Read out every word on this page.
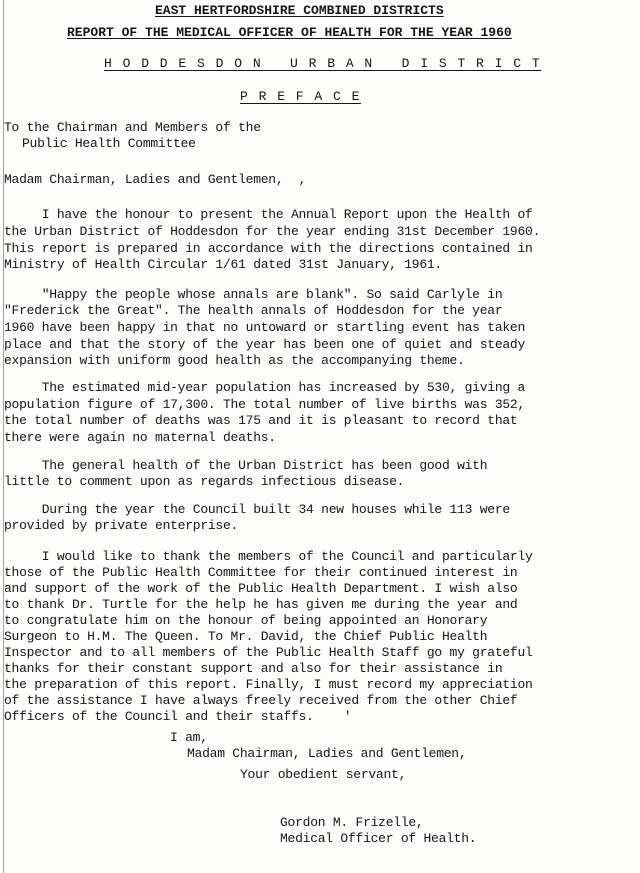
EAST HERTFORDSHIRE COMBINED DISTRICTS
REPORT OF THE MEDICAL OFFICER OF HEALTH FOR THE YEAR 1960
H O D D E S D O N   U R B A N   D I S T R I C T
P R E F A C E
To the Chairman and Members of the
Public Health Committee
Madam Chairman, Ladies and Gentlemen,  ,
I have the honour to present the Annual Report upon the Health of
the Urban District of Hoddesdon for the year ending 31st December 1960.
This report is prepared in accordance with the directions contained in
Ministry of Health Circular 1/61 dated 31st January, 1961.
"Happy the people whose annals are blank". So said Carlyle in
"Frederick the Great". The health annals of Hoddesdon for the year
1960 have been happy in that no untoward or startling event has taken
place and that the story of the year has been one of quiet and steady
expansion with uniform good health as the accompanying theme.
The estimated mid-year population has increased by 530, giving a
population figure of 17,300. The total number of live births was 352,
the total number of deaths was 175 and it is pleasant to record that
there were again no maternal deaths.
The general health of the Urban District has been good with
little to comment upon as regards infectious disease.
During the year the Council built 34 new houses while 113 were
provided by private enterprise.
I would like to thank the members of the Council and particularly
those of the Public Health Committee for their continued interest in
and support of the work of the Public Health Department. I wish also
to thank Dr. Turtle for the help he has given me during the year and
to congratulate him on the honour of being appointed an Honorary
Surgeon to H.M. The Queen. To Mr. David, the Chief Public Health
Inspector and to all members of the Public Health Staff go my grateful
thanks for their constant support and also for their assistance in
the preparation of this report. Finally, I must record my appreciation
of the assistance I have always freely received from the other Chief
Officers of the Council and their staffs.    '
I am,
Madam Chairman, Ladies and Gentlemen,
Your obedient servant,
Gordon M. Frizelle,
Medical Officer of Health.
